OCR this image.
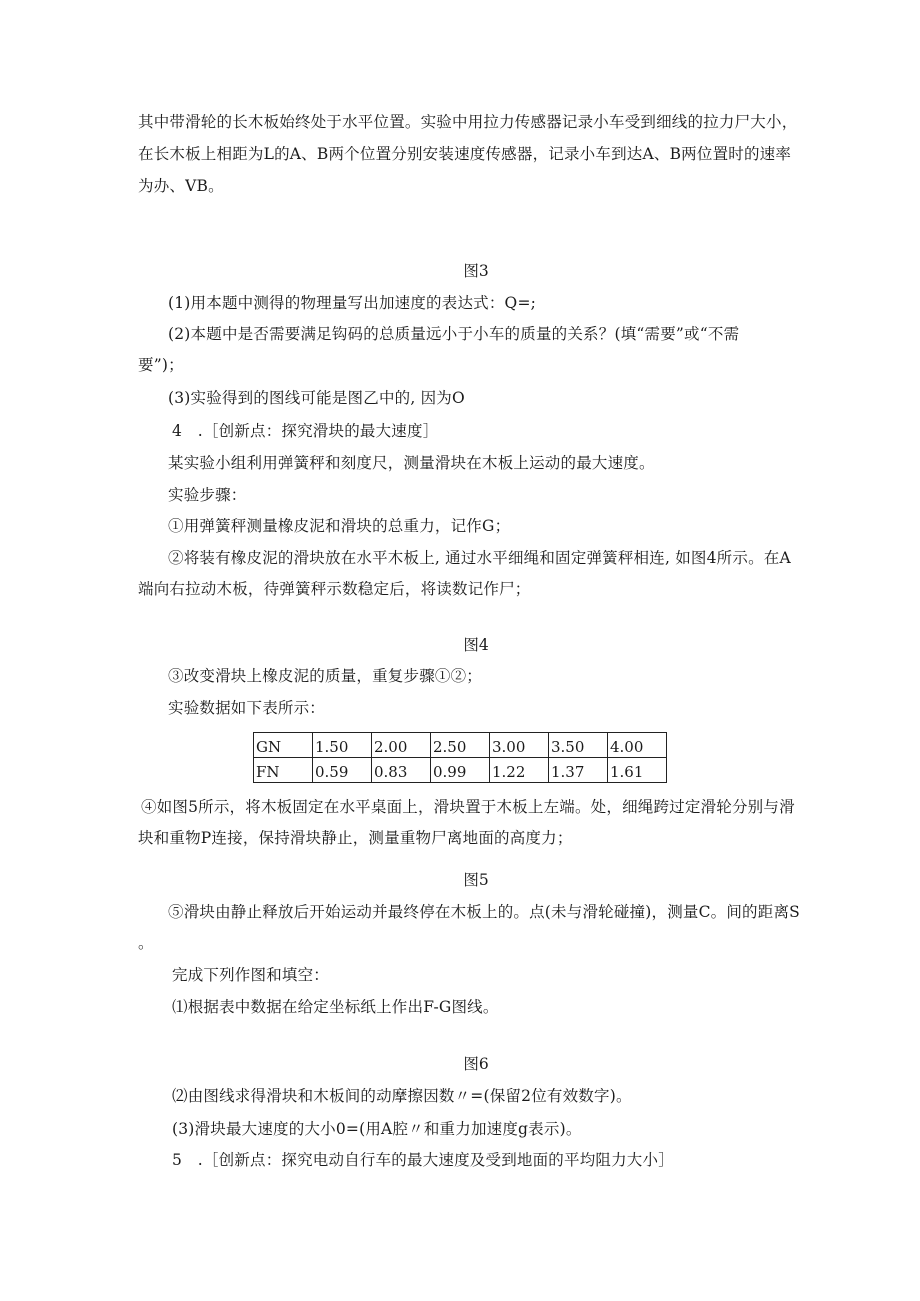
其中带滑轮的长木板始终处于水平位置。实验中用拉力传感器记录小车受到细线的拉力尸大小，
在长木板上相距为L的A、B两个位置分别安装速度传感器，记录小车到达A、B两位置时的速率
为办、VB。
图3
(1)用本题中测得的物理量写出加速度的表达式：Q=;
(2)本题中是否需要满足钩码的总质量远小于小车的质量的关系？(填“需要”或“不需
要”)；
(3)实验得到的图线可能是图乙中的, 因为O
4　.［创新点：探究滑块的最大速度］
某实验小组利用弹簧秤和刻度尺，测量滑块在木板上运动的最大速度。
实验步骤：
①用弹簧秤测量橡皮泥和滑块的总重力，记作G；
②将装有橡皮泥的滑块放在水平木板上, 通过水平细绳和固定弹簧秤相连, 如图4所示。在A
端向右拉动木板，待弹簧秤示数稳定后，将读数记作尸；
图4
③改变滑块上橡皮泥的质量，重复步骤①②；
实验数据如下表所示：
GN	1.50	2.00	2.50	3.00	3.50	4.00
FN	0.59	0.83	0.99	1.22	1.37	1.61
④如图5所示，将木板固定在水平桌面上，滑块置于木板上左端。处，细绳跨过定滑轮分别与滑
块和重物P连接，保持滑块静止，测量重物尸离地面的高度力；
图5
⑤滑块由静止释放后开始运动并最终停在木板上的。点(未与滑轮碰撞)，测量C。间的距离S
。
完成下列作图和填空：
⑴根据表中数据在给定坐标纸上作出F-G图线。
图6
⑵由图线求得滑块和木板间的动摩擦因数〃=(保留2位有效数字)。
(3)滑块最大速度的大小0=(用A腔〃和重力加速度g表示)。
5　.［创新点：探究电动自行车的最大速度及受到地面的平均阻力大小］
